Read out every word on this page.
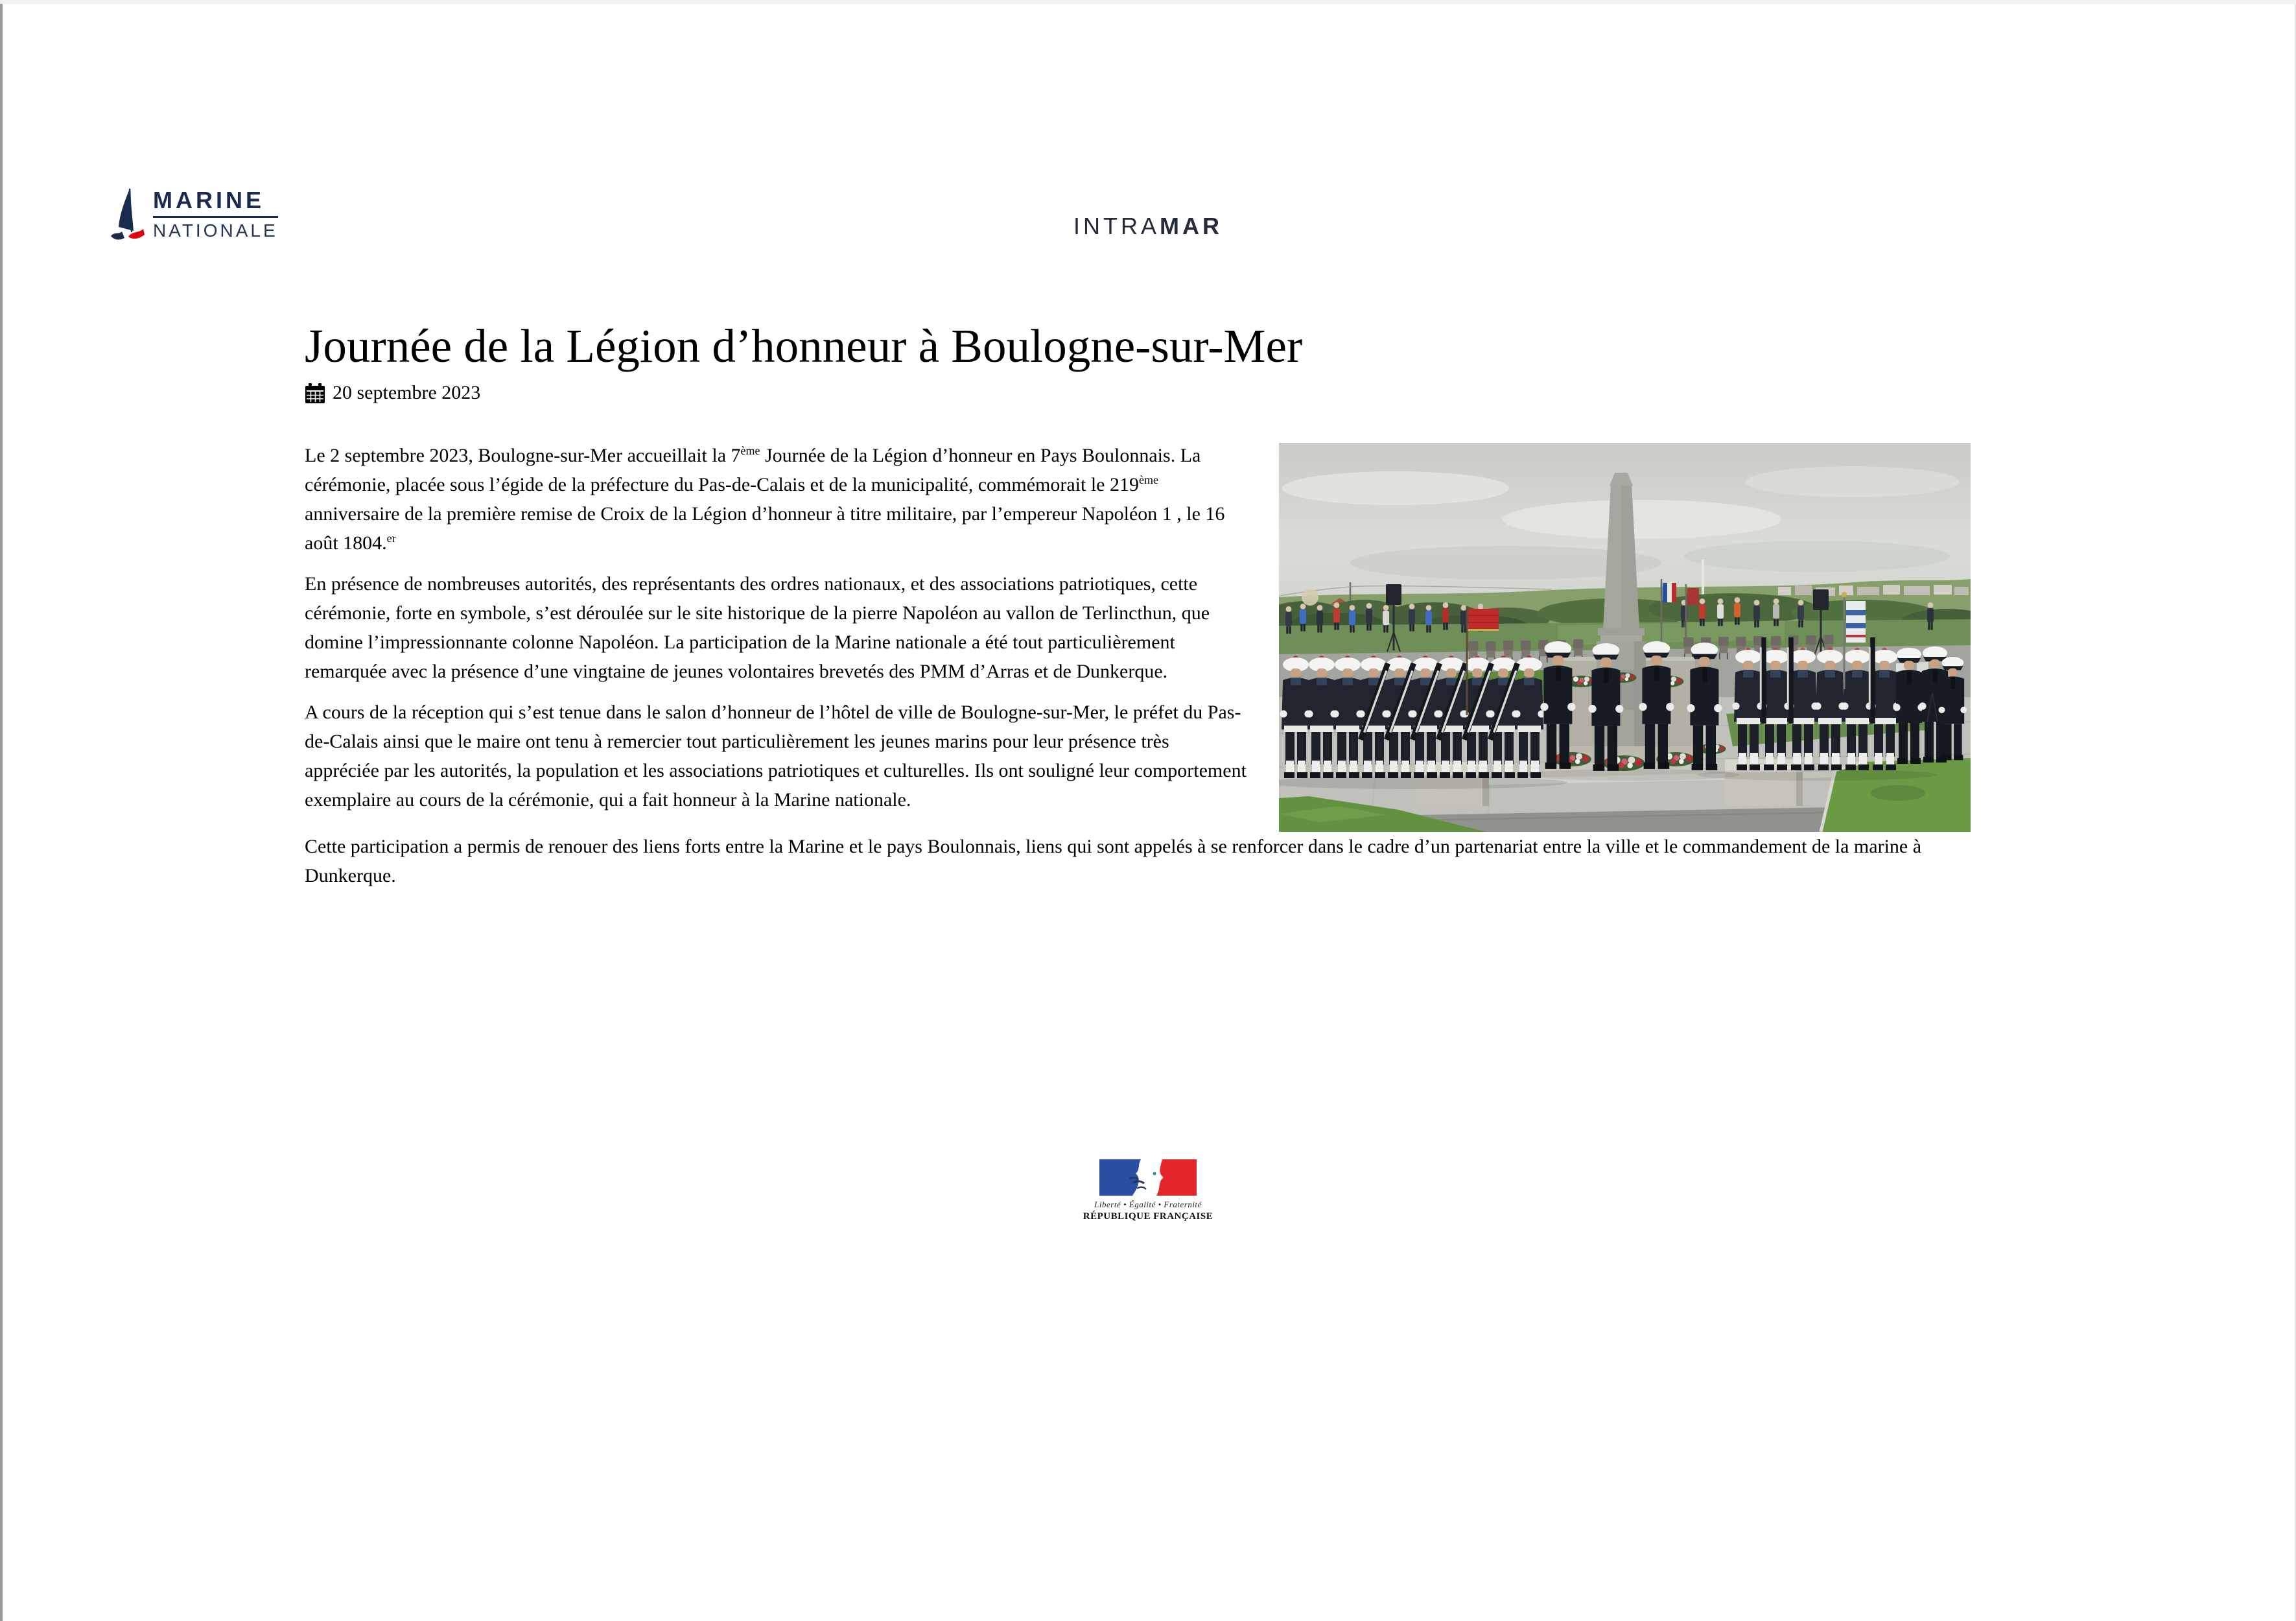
MARINE
NATIONALE	INTRAMAR
Journée de la Légion d’honneur à Boulogne-sur-Mer
20 septembre 2023

Le 2 septembre 2023, Boulogne-sur-Mer accueillait la 7ème Journée de la Légion d’honneur en Pays Boulonnais. La cérémonie, placée sous l’égide de la préfecture du Pas-de-Calais et de la municipalité, commémorait le 219ème anniversaire de la première remise de Croix de la Légion d’honneur à titre militaire, par l’empereur Napoléon 1 , le 16 août 1804.$^{er}$

En présence de nombreuses autorités, des représentants des ordres nationaux, et des associations patriotiques, cette cérémonie, forte en symbole, s’est déroulée sur le site historique de la pierre Napoléon au vallon de Terlincthun, que domine l’impressionnante colonne Napoléon. La participation de la Marine nationale a été tout particulièrement remarquée avec la présence d’une vingtaine de jeunes volontaires brevetés des PMM d’Arras et de Dunkerque.

A cours de la réception qui s’est tenue dans le salon d’honneur de l’hôtel de ville de Boulogne-sur-Mer, le préfet du Pas-de-Calais ainsi que le maire ont tenu à remercier tout particulièrement les jeunes marins pour leur présence très appréciée par les autorités, la population et les associations patriotiques et culturelles. Ils ont souligné leur comportement exemplaire au cours de la cérémonie, qui a fait honneur à la Marine nationale.

Cette participation a permis de renouer des liens forts entre la Marine et le pays Boulonnais, liens qui sont appelés à se renforcer dans le cadre d’un partenariat entre la ville et le commandement de la marine à Dunkerque.

Liberté • Égalité • Fraternité
RÉPUBLIQUE FRANÇAISE
